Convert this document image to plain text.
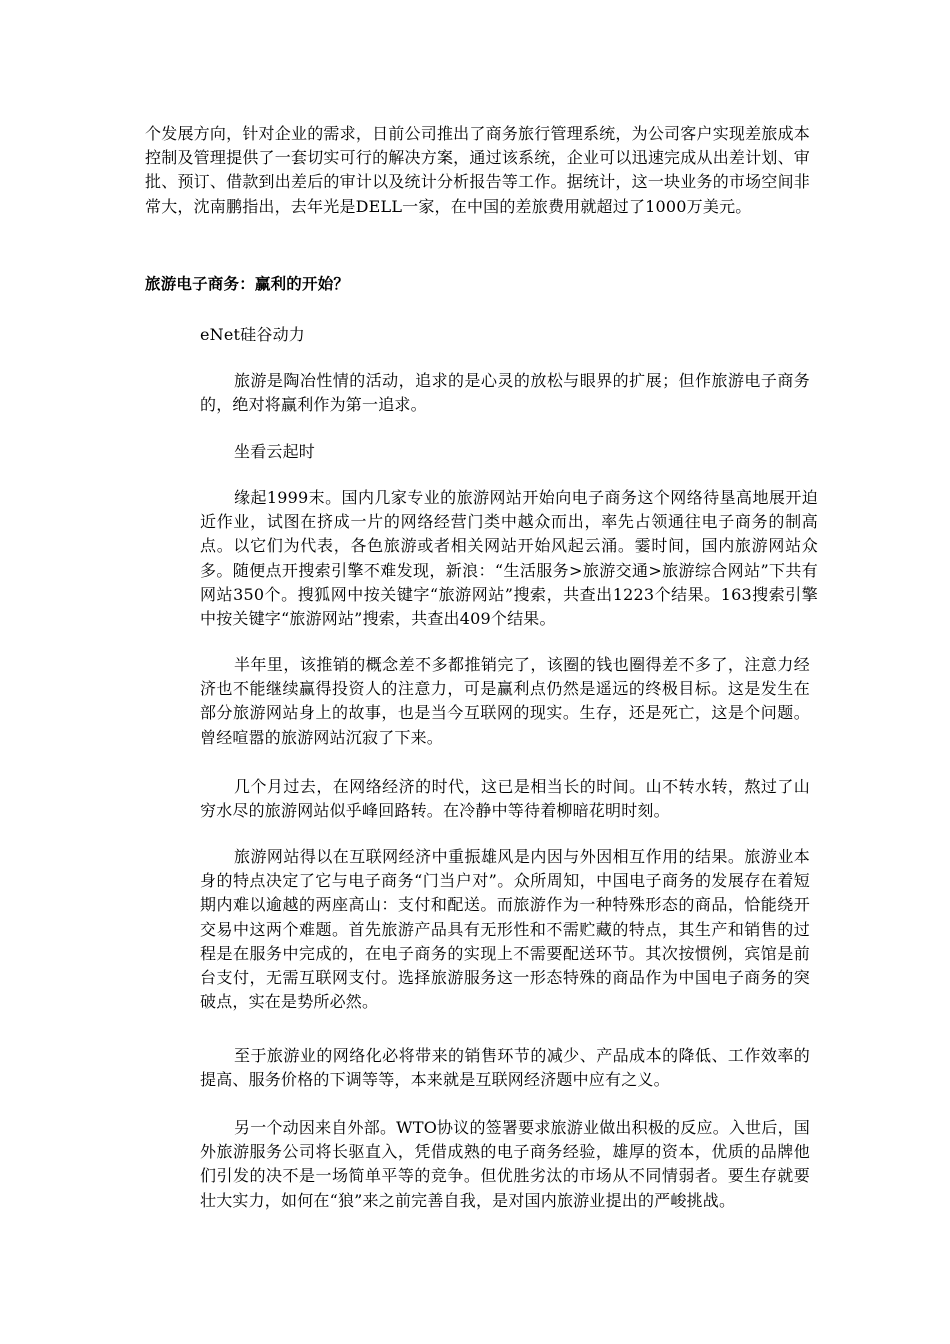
个发展方向，针对企业的需求，日前公司推出了商务旅行管理系统，为公司客户实现差旅成本控制及管理提供了一套切实可行的解决方案，通过该系统，企业可以迅速完成从出差计划、审批、预订、借款到出差后的审计以及统计分析报告等工作。据统计，这一块业务的市场空间非常大，沈南鹏指出，去年光是DELL一家，在中国的差旅费用就超过了1000万美元。

旅游电子商务：赢利的开始？

eNet硅谷动力

旅游是陶冶性情的活动，追求的是心灵的放松与眼界的扩展；但作旅游电子商务的，绝对将赢利作为第一追求。

坐看云起时

缘起1999末。国内几家专业的旅游网站开始向电子商务这个网络待垦高地展开迫近作业，试图在挤成一片的网络经营门类中越众而出，率先占领通往电子商务的制高点。以它们为代表，各色旅游或者相关网站开始风起云涌。霎时间，国内旅游网站众多。随便点开搜索引擎不难发现，新浪：“生活服务>旅游交通>旅游综合网站”下共有网站350个。搜狐网中按关键字“旅游网站”搜索，共查出1223个结果。163搜索引擎中按关键字“旅游网站”搜索，共查出409个结果。

半年里，该推销的概念差不多都推销完了，该圈的钱也圈得差不多了，注意力经济也不能继续赢得投资人的注意力，可是赢利点仍然是遥远的终极目标。这是发生在部分旅游网站身上的故事，也是当今互联网的现实。生存，还是死亡，这是个问题。曾经喧嚣的旅游网站沉寂了下来。

几个月过去，在网络经济的时代，这已是相当长的时间。山不转水转，熬过了山穷水尽的旅游网站似乎峰回路转。在冷静中等待着柳暗花明时刻。

旅游网站得以在互联网经济中重振雄风是内因与外因相互作用的结果。旅游业本身的特点决定了它与电子商务“门当户对”。众所周知，中国电子商务的发展存在着短期内难以逾越的两座高山：支付和配送。而旅游作为一种特殊形态的商品，恰能绕开交易中这两个难题。首先旅游产品具有无形性和不需贮藏的特点，其生产和销售的过程是在服务中完成的，在电子商务的实现上不需要配送环节。其次按惯例，宾馆是前台支付，无需互联网支付。选择旅游服务这一形态特殊的商品作为中国电子商务的突破点，实在是势所必然。

至于旅游业的网络化必将带来的销售环节的减少、产品成本的降低、工作效率的提高、服务价格的下调等等，本来就是互联网经济题中应有之义。

另一个动因来自外部。WTO协议的签署要求旅游业做出积极的反应。入世后，国外旅游服务公司将长驱直入，凭借成熟的电子商务经验，雄厚的资本，优质的品牌他们引发的决不是一场简单平等的竞争。但优胜劣汰的市场从不同情弱者。要生存就要壮大实力，如何在“狼”来之前完善自我，是对国内旅游业提出的严峻挑战。
